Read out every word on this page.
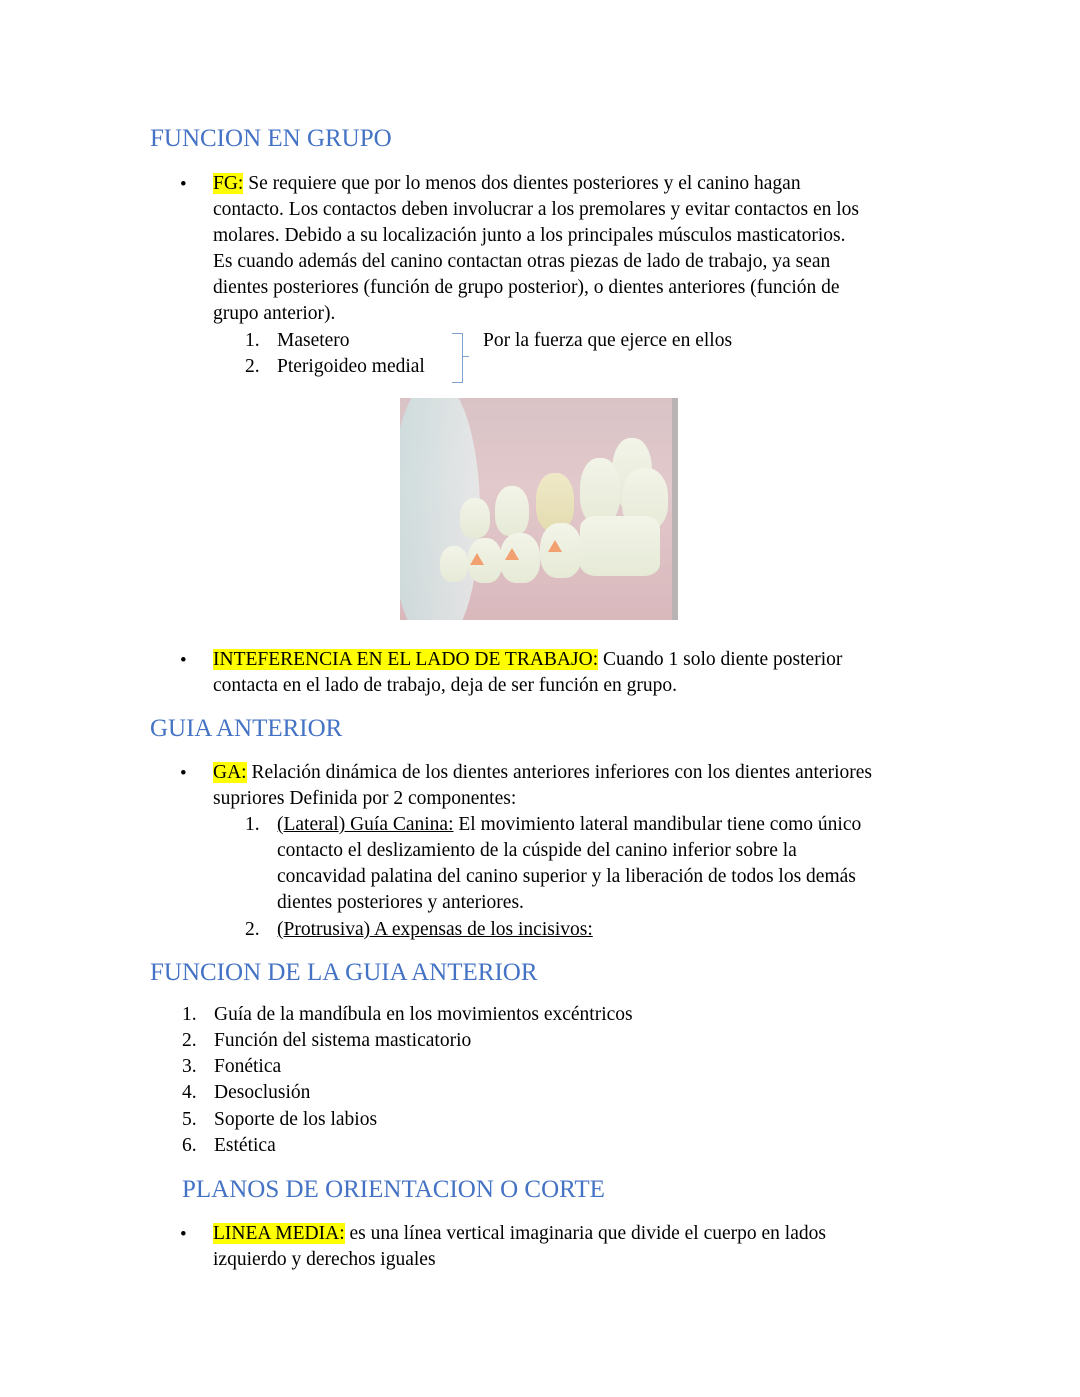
FUNCION EN GRUPO
• FG: Se requiere que por lo menos dos dientes posteriores y el canino hagan
contacto. Los contactos deben involucrar a los premolares y evitar contactos en los
molares. Debido a su localización junto a los principales músculos masticatorios.
Es cuando además del canino contactan otras piezas de lado de trabajo, ya sean
dientes posteriores (función de grupo posterior), o dientes anteriores (función de
grupo anterior).
1. Masetero
2. Pterigoideo medial
Por la fuerza que ejerce en ellos
• INTEFERENCIA EN EL LADO DE TRABAJO: Cuando 1 solo diente posterior
contacta en el lado de trabajo, deja de ser función en grupo.
GUIA ANTERIOR
• GA: Relación dinámica de los dientes anteriores inferiores con los dientes anteriores
supriores Definida por 2 componentes:
1. (Lateral) Guía Canina: El movimiento lateral mandibular tiene como único
contacto el deslizamiento de la cúspide del canino inferior sobre la
concavidad palatina del canino superior y la liberación de todos los demás
dientes posteriores y anteriores.
2. (Protrusiva) A expensas de los incisivos:
FUNCION DE LA GUIA ANTERIOR
1. Guía de la mandíbula en los movimientos excéntricos
2. Función del sistema masticatorio
3. Fonética
4. Desoclusión
5. Soporte de los labios
6. Estética
PLANOS DE ORIENTACION O CORTE
• LINEA MEDIA: es una línea vertical imaginaria que divide el cuerpo en lados
izquierdo y derechos iguales
